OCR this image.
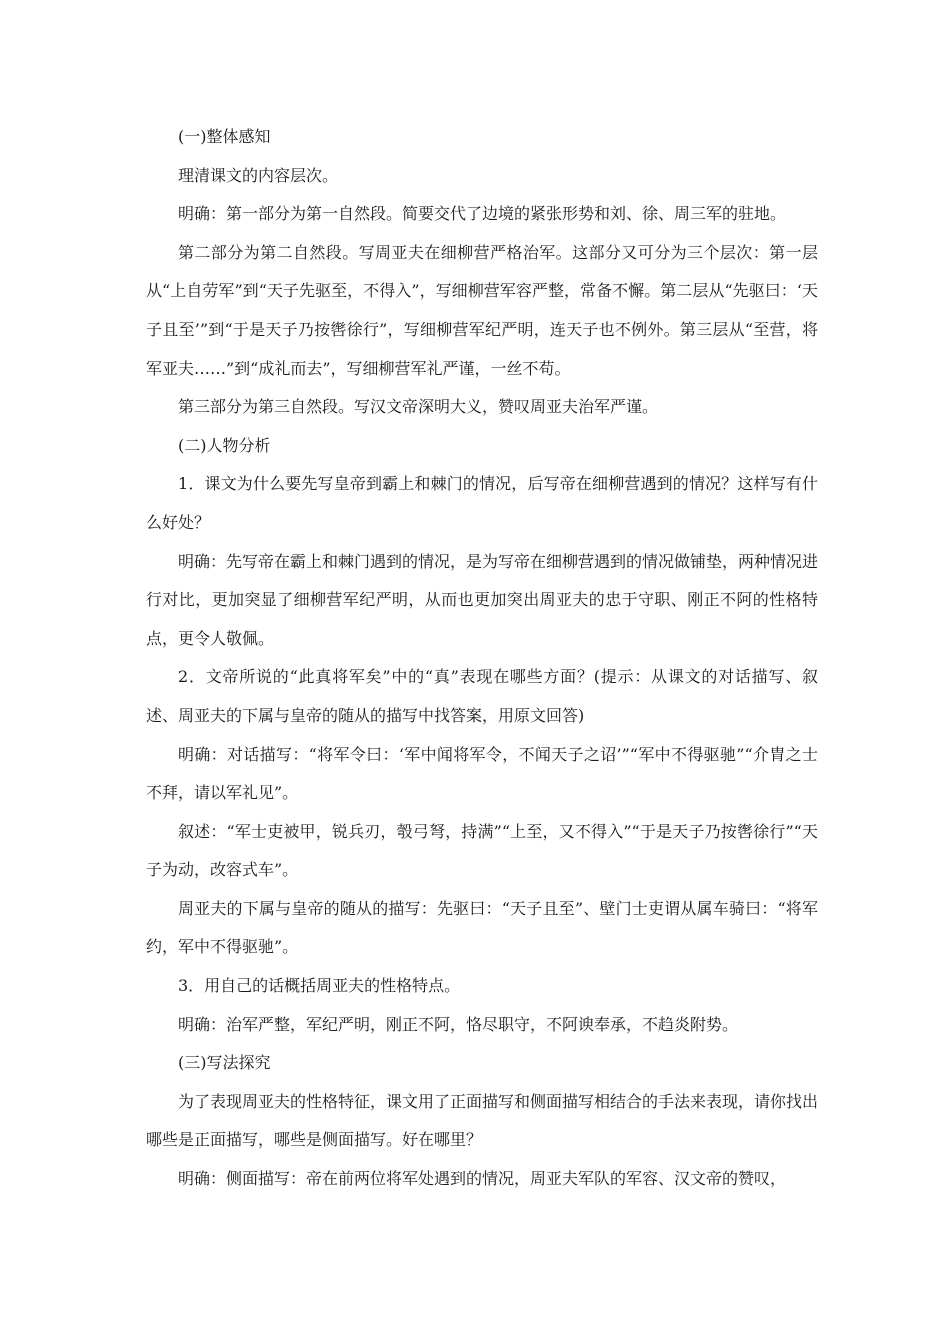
(一)整体感知

理清课文的内容层次。

明确：第一部分为第一自然段。简要交代了边境的紧张形势和刘、徐、周三军的驻地。

第二部分为第二自然段。写周亚夫在细柳营严格治军。这部分又可分为三个层次：第一层从“上自劳军”到“天子先驱至，不得入”，写细柳营军容严整，常备不懈。第二层从“先驱曰：‘天子且至’”到“于是天子乃按辔徐行”，写细柳营军纪严明，连天子也不例外。第三层从“至营，将军亚夫……”到“成礼而去”，写细柳营军礼严谨，一丝不苟。

第三部分为第三自然段。写汉文帝深明大义，赞叹周亚夫治军严谨。

(二)人物分析

1．课文为什么要先写皇帝到霸上和棘门的情况，后写帝在细柳营遇到的情况？这样写有什么好处？

明确：先写帝在霸上和棘门遇到的情况，是为写帝在细柳营遇到的情况做铺垫，两种情况进行对比，更加突显了细柳营军纪严明，从而也更加突出周亚夫的忠于守职、刚正不阿的性格特点，更令人敬佩。

2．文帝所说的“此真将军矣”中的“真”表现在哪些方面？(提示：从课文的对话描写、叙述、周亚夫的下属与皇帝的随从的描写中找答案，用原文回答)

明确：对话描写：“将军令曰：‘军中闻将军令，不闻天子之诏’”“军中不得驱驰”“介胄之士不拜，请以军礼见”。

叙述：“军士吏被甲，锐兵刃，彀弓弩，持满”“上至，又不得入”“于是天子乃按辔徐行”“天子为动，改容式车”。

周亚夫的下属与皇帝的随从的描写：先驱曰：“天子且至”、壁门士吏谓从属车骑曰：“将军约，军中不得驱驰”。

3．用自己的话概括周亚夫的性格特点。

明确：治军严整，军纪严明，刚正不阿，恪尽职守，不阿谀奉承，不趋炎附势。

(三)写法探究

为了表现周亚夫的性格特征，课文用了正面描写和侧面描写相结合的手法来表现，请你找出哪些是正面描写，哪些是侧面描写。好在哪里？

明确：侧面描写：帝在前两位将军处遇到的情况，周亚夫军队的军容、汉文帝的赞叹，
